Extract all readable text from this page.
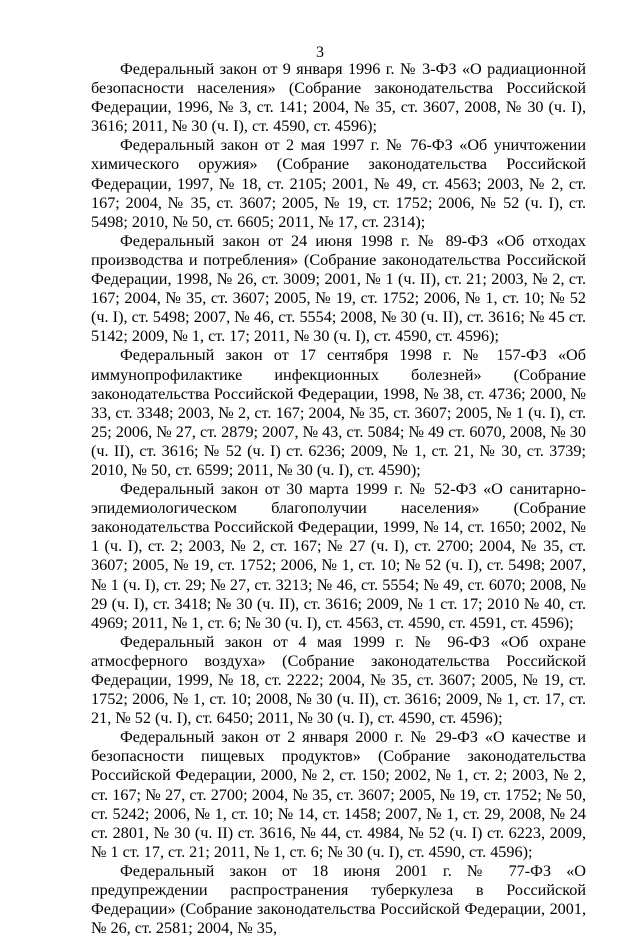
3

Федеральный закон от 9 января 1996 г. № 3-ФЗ «О радиационной безопасности населения» (Собрание законодательства Российской Федерации, 1996, № 3, ст. 141; 2004, № 35, ст. 3607, 2008, № 30 (ч. I), 3616; 2011, № 30 (ч. I), ст. 4590, ст. 4596);

Федеральный закон от 2 мая 1997 г. № 76-ФЗ «Об уничтожении химического оружия» (Собрание законодательства Российской Федерации, 1997, № 18, ст. 2105; 2001, № 49, ст. 4563; 2003, № 2, ст. 167; 2004, № 35, ст. 3607; 2005, № 19, ст. 1752; 2006, № 52 (ч. I), ст. 5498; 2010, № 50, ст. 6605; 2011, № 17, ст. 2314);

Федеральный закон от 24 июня 1998 г. № 89-ФЗ «Об отходах производства и потребления» (Собрание законодательства Российской Федерации, 1998, № 26, ст. 3009; 2001, № 1 (ч. II), ст. 21; 2003, № 2, ст. 167; 2004, № 35, ст. 3607; 2005, № 19, ст. 1752; 2006, № 1, ст. 10; № 52 (ч. I), ст. 5498; 2007, № 46, ст. 5554; 2008, № 30 (ч. II), ст. 3616; № 45 ст. 5142; 2009, № 1, ст. 17; 2011, № 30 (ч. I), ст. 4590, ст. 4596);

Федеральный закон от 17 сентября 1998 г. № 157-ФЗ «Об иммунопрофилактике инфекционных болезней» (Собрание законодательства Российской Федерации, 1998, № 38, ст. 4736; 2000, № 33, ст. 3348; 2003, № 2, ст. 167; 2004, № 35, ст. 3607; 2005, № 1 (ч. I), ст. 25; 2006, № 27, ст. 2879; 2007, № 43, ст. 5084; № 49 ст. 6070, 2008, № 30 (ч. II), ст. 3616; № 52 (ч. I) ст. 6236; 2009, № 1, ст. 21, № 30, ст. 3739; 2010, № 50, ст. 6599; 2011, № 30 (ч. I), ст. 4590);

Федеральный закон от 30 марта 1999 г. № 52-ФЗ «О санитарно-эпидемиологическом благополучии населения» (Собрание законодательства Российской Федерации, 1999, № 14, ст. 1650; 2002, № 1 (ч. I), ст. 2; 2003, № 2, ст. 167; № 27 (ч. I), ст. 2700; 2004, № 35, ст. 3607; 2005, № 19, ст. 1752; 2006, № 1, ст. 10; № 52 (ч. I), ст. 5498; 2007, № 1 (ч. I), ст. 29; № 27, ст. 3213; № 46, ст. 5554; № 49, ст. 6070; 2008, № 29 (ч. I), ст. 3418; № 30 (ч. II), ст. 3616; 2009, № 1 ст. 17; 2010 № 40, ст. 4969; 2011, № 1, ст. 6; № 30 (ч. I), ст. 4563, ст. 4590, ст. 4591, ст. 4596);

Федеральный закон от 4 мая 1999 г. № 96-ФЗ «Об охране атмосферного воздуха» (Собрание законодательства Российской Федерации, 1999, № 18, ст. 2222; 2004, № 35, ст. 3607; 2005, № 19, ст. 1752; 2006, № 1, ст. 10; 2008, № 30 (ч. II), ст. 3616; 2009, № 1, ст. 17, ст. 21, № 52 (ч. I), ст. 6450; 2011, № 30 (ч. I), ст. 4590, ст. 4596);

Федеральный закон от 2 января 2000 г. № 29-ФЗ «О качестве и безопасности пищевых продуктов» (Собрание законодательства Российской Федерации, 2000, № 2, ст. 150; 2002, № 1, ст. 2; 2003, № 2, ст. 167; № 27, ст. 2700; 2004, № 35, ст. 3607; 2005, № 19, ст. 1752; № 50, ст. 5242; 2006, № 1, ст. 10; № 14, ст. 1458; 2007, № 1, ст. 29, 2008, № 24 ст. 2801, № 30 (ч. II) ст. 3616, № 44, ст. 4984, № 52 (ч. I) ст. 6223, 2009, № 1 ст. 17, ст. 21; 2011, № 1, ст. 6; № 30 (ч. I), ст. 4590, ст. 4596);

Федеральный закон от 18 июня 2001 г. № 77-ФЗ «О предупреждении распространения туберкулеза в Российской Федерации» (Собрание законодательства Российской Федерации, 2001, № 26, ст. 2581; 2004, № 35,
